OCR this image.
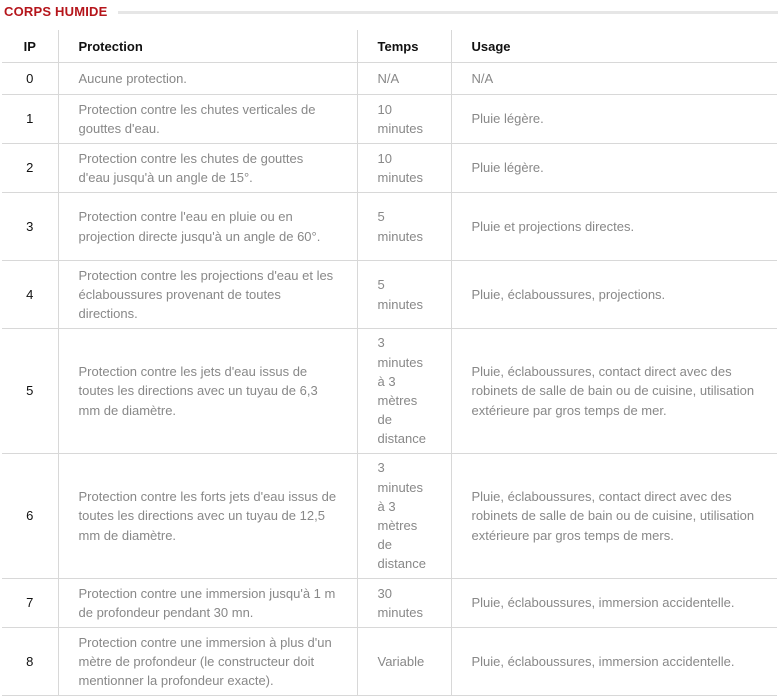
CORPS HUMIDE
IP	Protection	Temps	Usage
0	Aucune protection.	N/A	N/A
1	Protection contre les chutes verticales de gouttes d'eau.	10 minutes	Pluie légère.
2	Protection contre les chutes de gouttes d'eau jusqu'à un angle de 15°.	10 minutes	Pluie légère.
3	Protection contre l'eau en pluie ou en projection directe jusqu'à un angle de 60°.	5 minutes	Pluie et projections directes.
4	Protection contre les projections d'eau et les éclaboussures provenant de toutes directions.	5 minutes	Pluie, éclaboussures, projections.
5	Protection contre les jets d'eau issus de toutes les directions avec un tuyau de 6,3 mm de diamètre.	3 minutes à 3 mètres de distance	Pluie, éclaboussures, contact direct avec des robinets de salle de bain ou de cuisine, utilisation extérieure par gros temps de mer.
6	Protection contre les forts jets d'eau issus de toutes les directions avec un tuyau de 12,5 mm de diamètre.	3 minutes à 3 mètres de distance	Pluie, éclaboussures, contact direct avec des robinets de salle de bain ou de cuisine, utilisation extérieure par gros temps de mers.
7	Protection contre une immersion jusqu'à 1 m de profondeur pendant 30 mn.	30 minutes	Pluie, éclaboussures, immersion accidentelle.
8	Protection contre une immersion à plus d'un mètre de profondeur (le constructeur doit mentionner la profondeur exacte).	Variable	Pluie, éclaboussures, immersion accidentelle.
